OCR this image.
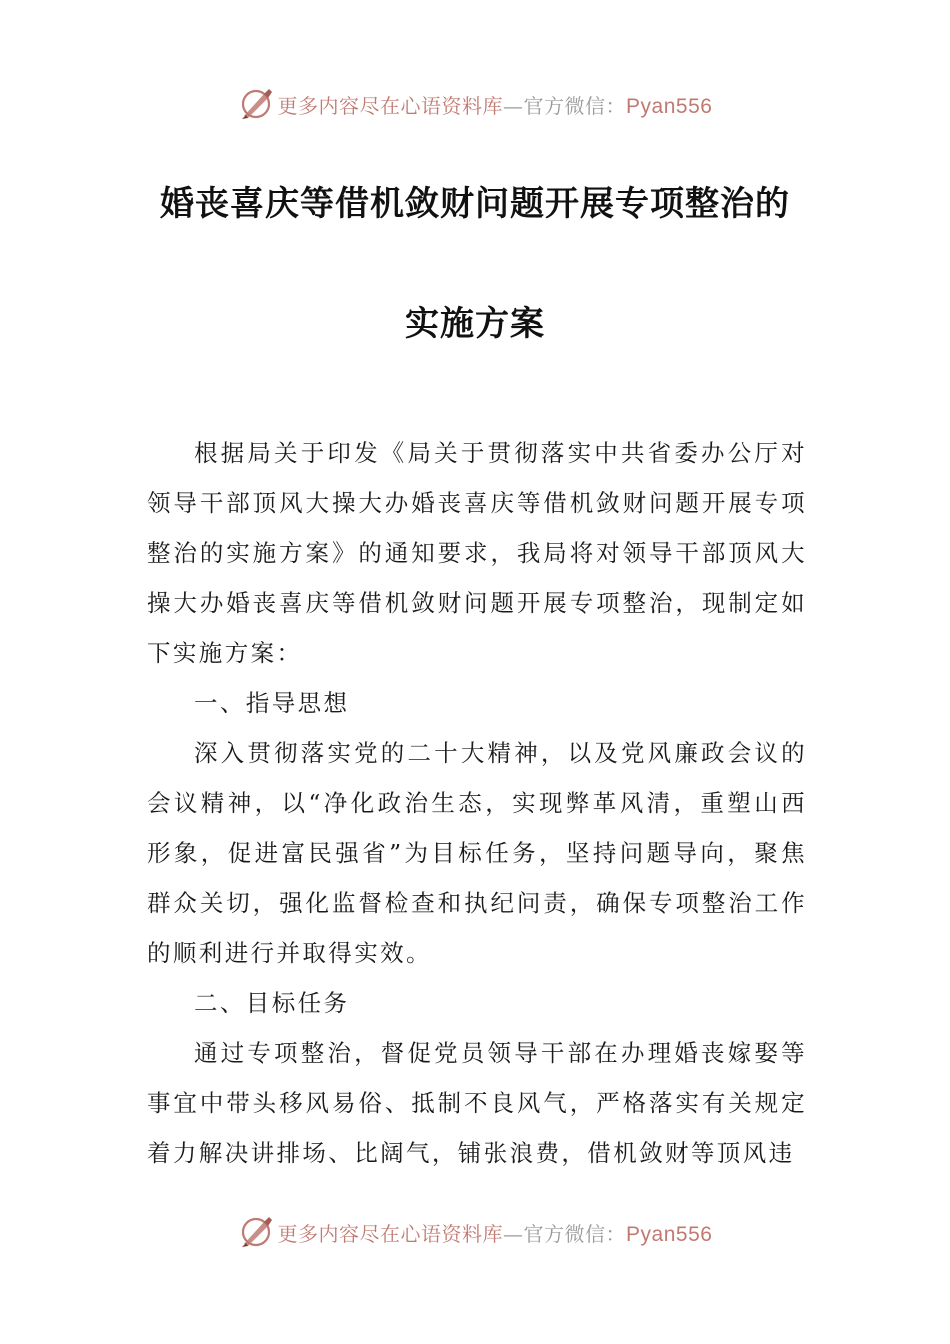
更多内容尽在心语资料库—官方微信：Pyan556
婚丧喜庆等借机敛财问题开展专项整治的
实施方案

根据局关于印发《局关于贯彻落实中共省委办公厅对领导干部顶风大操大办婚丧喜庆等借机敛财问题开展专项整治的实施方案》的通知要求，我局将对领导干部顶风大操大办婚丧喜庆等借机敛财问题开展专项整治，现制定如下实施方案：

一、指导思想

深入贯彻落实党的二十大精神，以及党风廉政会议的会议精神，以“净化政治生态，实现弊革风清，重塑山西形象，促进富民强省”为目标任务，坚持问题导向，聚焦群众关切，强化监督检查和执纪问责，确保专项整治工作的顺利进行并取得实效。

二、目标任务

通过专项整治，督促党员领导干部在办理婚丧嫁娶等事宜中带头移风易俗、抵制不良风气，严格落实有关规定着力解决讲排场、比阔气，铺张浪费，借机敛财等顶风违

更多内容尽在心语资料库—官方微信：Pyan556
